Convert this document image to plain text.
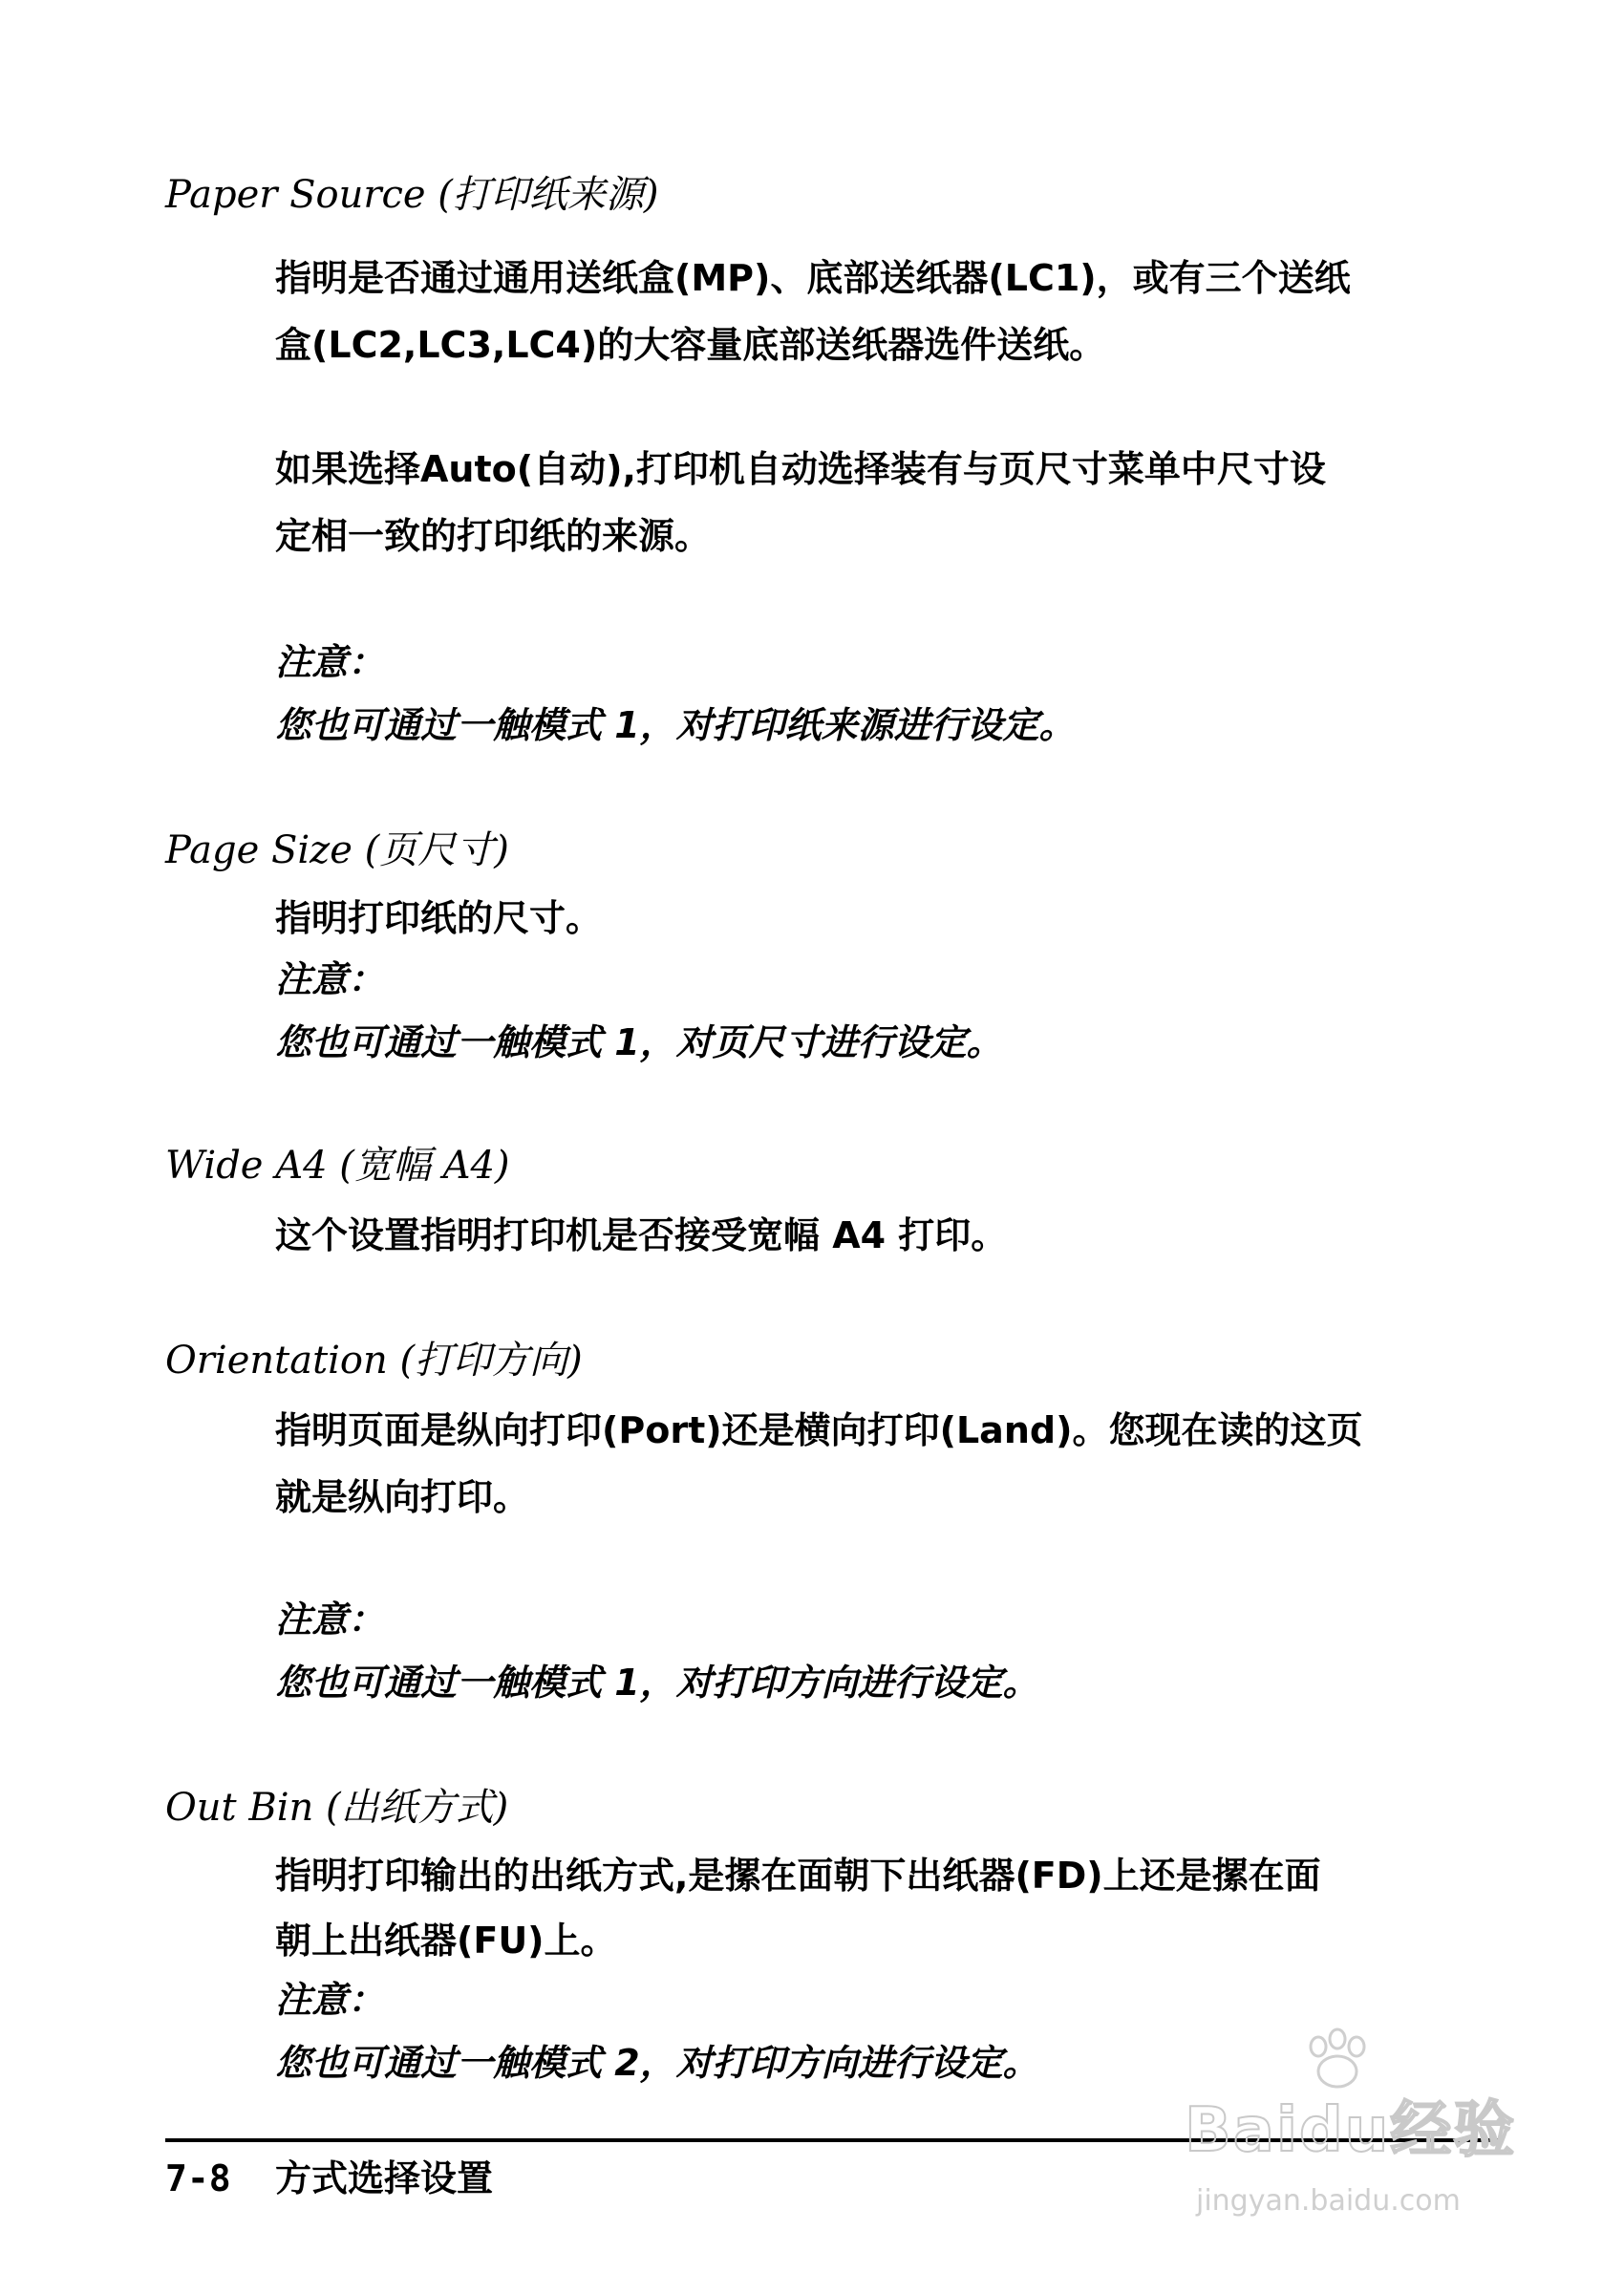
Paper Source (打印纸来源)

指明是否通过通用送纸盒(MP)、底部送纸器(LC1)，或有三个送纸

盒(LC2,LC3,LC4)的大容量底部送纸器选件送纸。

如果选择Auto(自动),打印机自动选择装有与页尺寸菜单中尺寸设

定相一致的打印纸的来源。

注意：

您也可通过一触模式 1，对打印纸来源进行设定。

Page Size (页尺寸)

指明打印纸的尺寸。

注意：

您也可通过一触模式 1，对页尺寸进行设定。

Wide A4 (宽幅 A4)

这个设置指明打印机是否接受宽幅 A4 打印。

Orientation (打印方向)

指明页面是纵向打印(Port)还是横向打印(Land)。您现在读的这页

就是纵向打印。

注意：

您也可通过一触模式 1，对打印方向进行设定。

Out Bin (出纸方式)

指明打印输出的出纸方式,是摞在面朝下出纸器(FD)上还是摞在面

朝上出纸器(FU)上。

注意：

您也可通过一触模式 2，对打印方向进行设定。

7-8 方式选择设置
Baidu经验
jingyan.baidu.com
